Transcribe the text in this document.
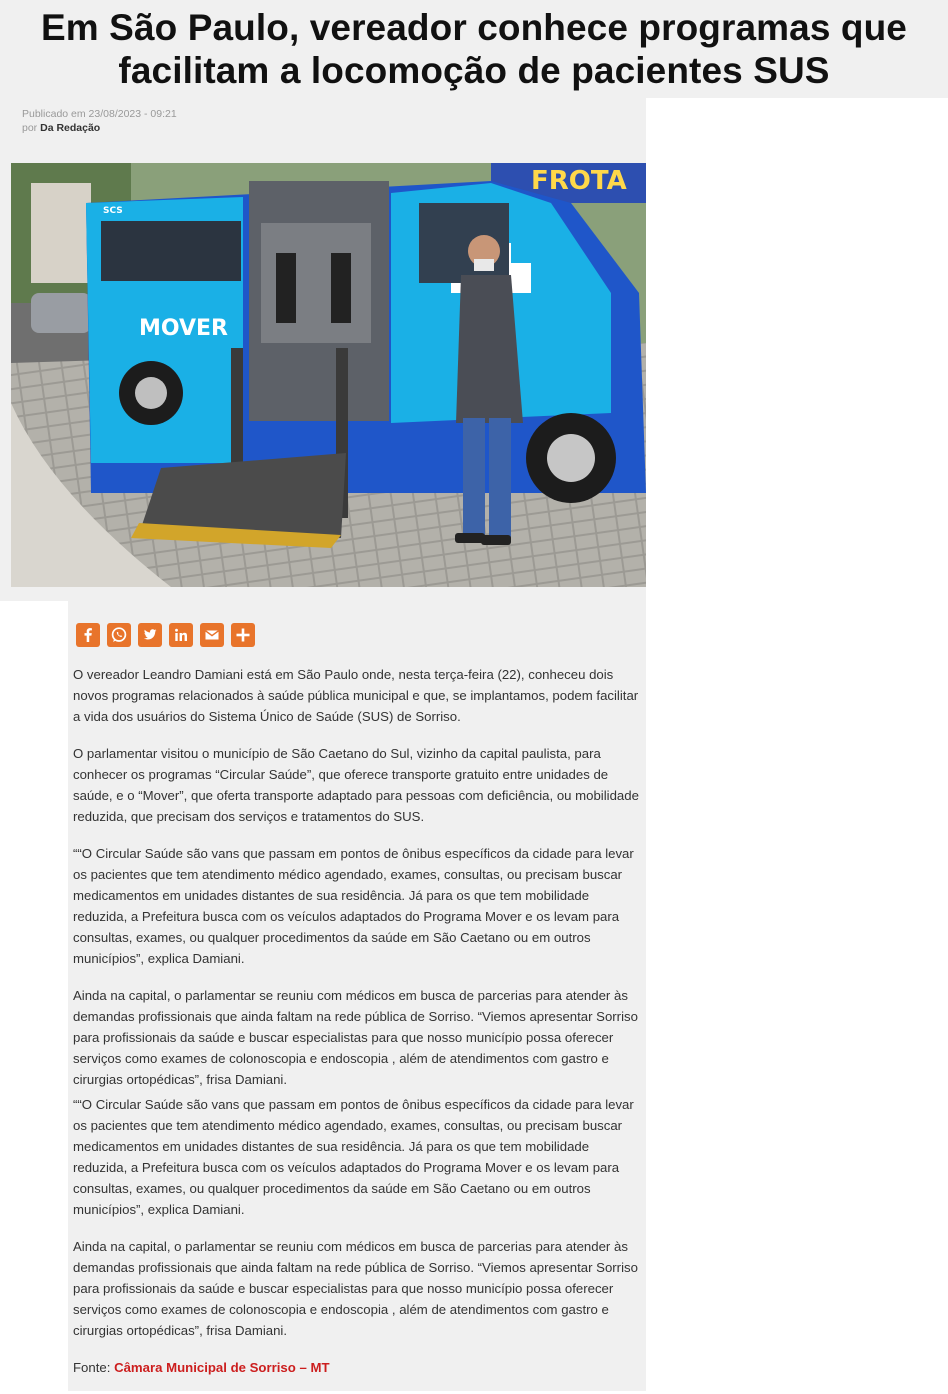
Em São Paulo, vereador conhece programas que facilitam a locomoção de pacientes SUS
Publicado em 23/08/2023 - 09:21
por Da Redação
MOVER
FROTA
SCS

O vereador Leandro Damiani está em São Paulo onde, nesta terça-feira (22), conheceu dois novos programas relacionados à saúde pública municipal e que, se implantamos, podem facilitar a vida dos usuários do Sistema Único de Saúde (SUS) de Sorriso.

O parlamentar visitou o município de São Caetano do Sul, vizinho da capital paulista, para conhecer os programas “Circular Saúde”, que oferece transporte gratuito entre unidades de saúde, e o “Mover”, que oferta transporte adaptado para pessoas com deficiência, ou mobilidade reduzida, que precisam dos serviços e tratamentos do SUS.

““O Circular Saúde são vans que passam em pontos de ônibus específicos da cidade para levar os pacientes que tem atendimento médico agendado, exames, consultas, ou precisam buscar medicamentos em unidades distantes de sua residência. Já para os que tem mobilidade reduzida, a Prefeitura busca com os veículos adaptados do Programa Mover e os levam para consultas, exames, ou qualquer procedimentos da saúde em São Caetano ou em outros municípios”, explica Damiani.

Ainda na capital, o parlamentar se reuniu com médicos em busca de parcerias para atender às demandas profissionais que ainda faltam na rede pública de Sorriso. “Viemos apresentar Sorriso para profissionais da saúde e buscar especialistas para que nosso município possa oferecer serviços como exames de colonoscopia e endoscopia , além de atendimentos com gastro e cirurgias ortopédicas”, frisa Damiani.

““O Circular Saúde são vans que passam em pontos de ônibus específicos da cidade para levar os pacientes que tem atendimento médico agendado, exames, consultas, ou precisam buscar medicamentos em unidades distantes de sua residência. Já para os que tem mobilidade reduzida, a Prefeitura busca com os veículos adaptados do Programa Mover e os levam para consultas, exames, ou qualquer procedimentos da saúde em São Caetano ou em outros municípios”, explica Damiani.

Ainda na capital, o parlamentar se reuniu com médicos em busca de parcerias para atender às demandas profissionais que ainda faltam na rede pública de Sorriso. “Viemos apresentar Sorriso para profissionais da saúde e buscar especialistas para que nosso município possa oferecer serviços como exames de colonoscopia e endoscopia , além de atendimentos com gastro e cirurgias ortopédicas”, frisa Damiani.

Fonte: Câmara Municipal de Sorriso – MT
